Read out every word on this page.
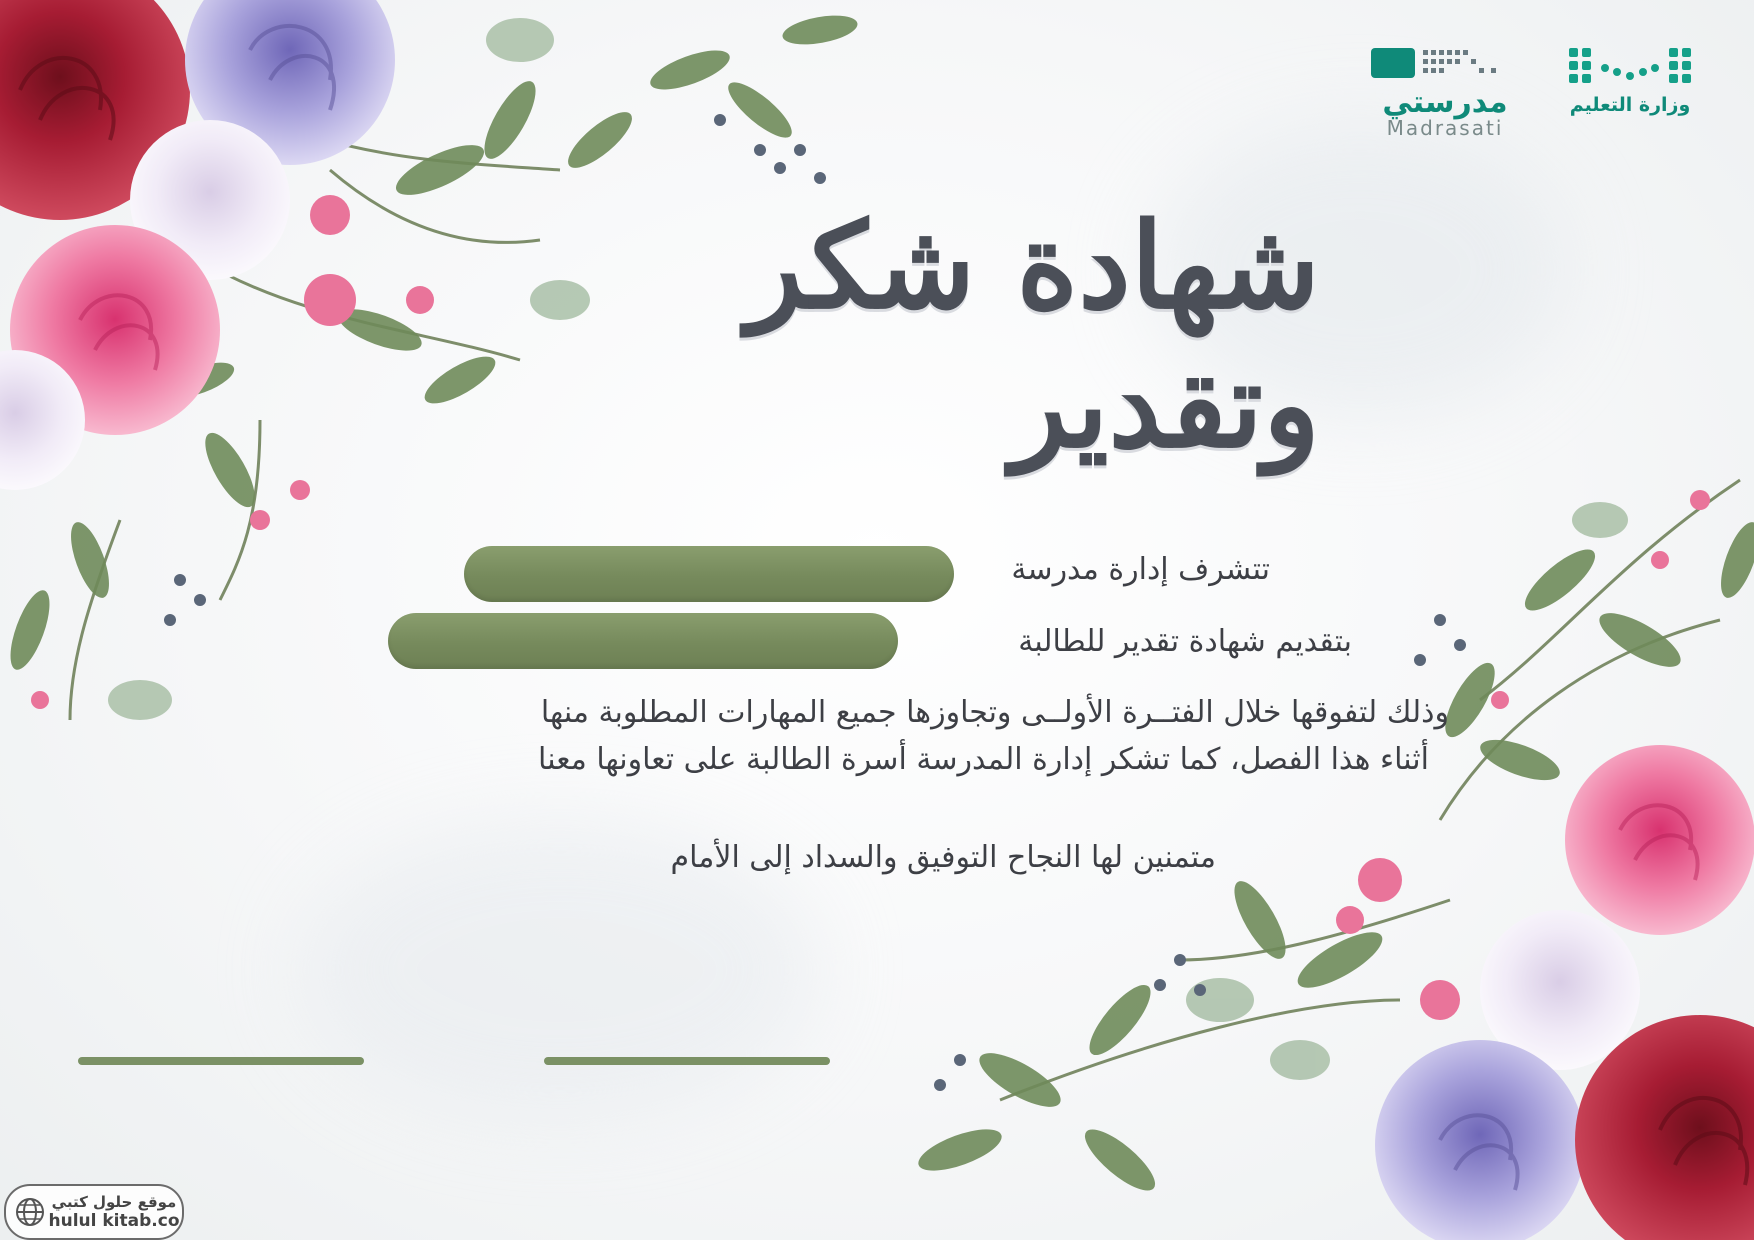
وزارة التعليم
مدرستي
Madrasati
شهادة شكر وتقدير
تتشرف إدارة مدرسة
بتقديم شهادة تقدير للطالبة
وذلك لتفوقها خلال الفتــرة الأولــى وتجاوزها جميع المهارات المطلوبة منها
أثناء هذا الفصل، كما تشكر إدارة المدرسة أسرة الطالبة على تعاونها معنا
متمنين لها النجاح التوفيق والسداد إلى الأمام
موقع حلول كتبي
hulul kitab.co
